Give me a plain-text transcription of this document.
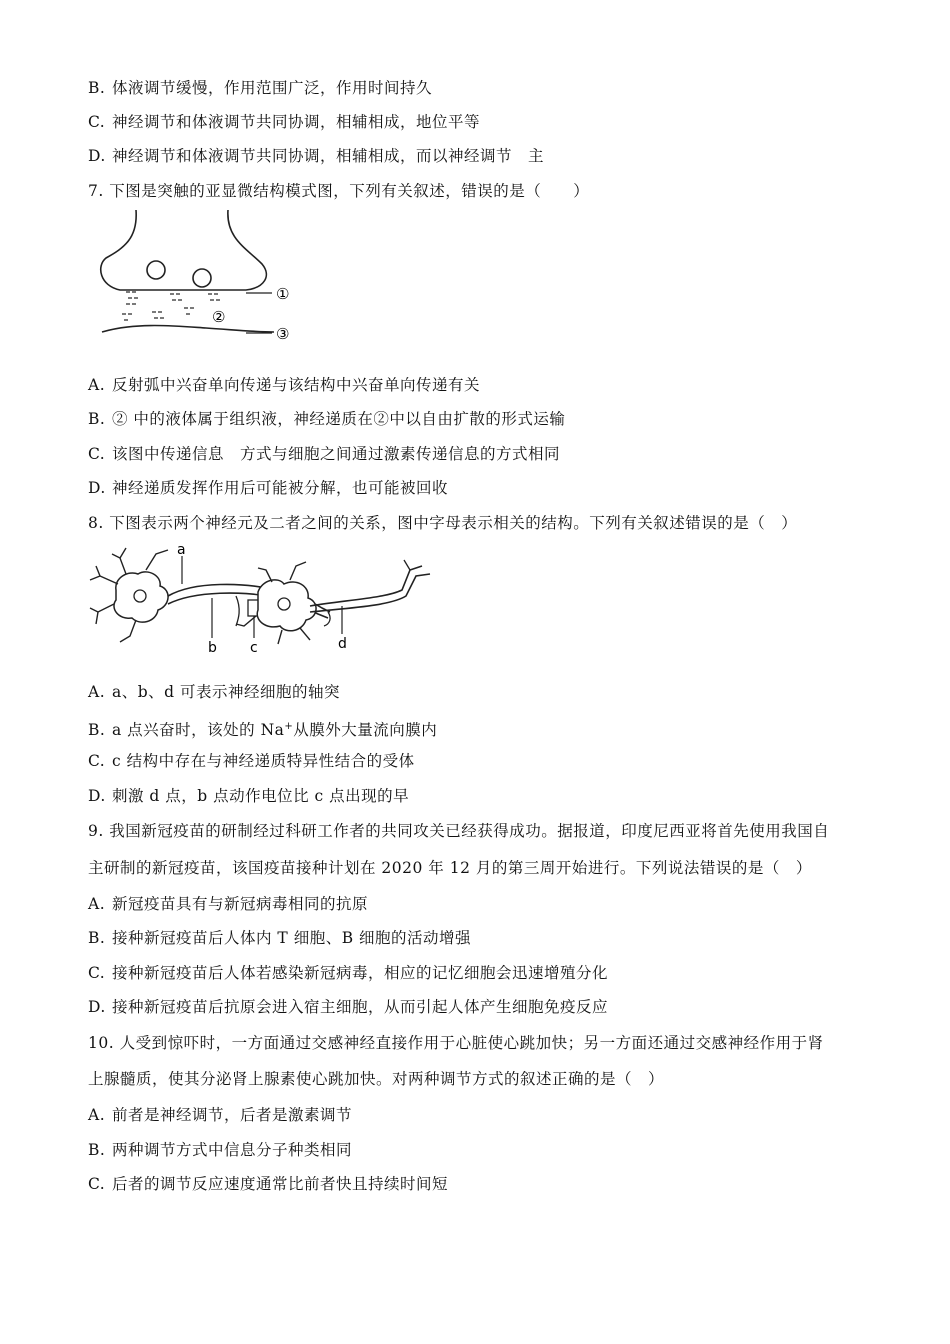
B. 体液调节缓慢，作用范围广泛，作用时间持久
C. 神经调节和体液调节共同协调，相辅相成，地位平等
D. 神经调节和体液调节共同协调，相辅相成，而以神经调节　主
7. 下图是突触的亚显微结构模式图，下列有关叙述，错误的是（　　）
①
②
③
A. 反射弧中兴奋单向传递与该结构中兴奋单向传递有关
B. ② 中的液体属于组织液，神经递质在②中以自由扩散的形式运输
C. 该图中传递信息　方式与细胞之间通过激素传递信息的方式相同
D. 神经递质发挥作用后可能被分解，也可能被回收
8. 下图表示两个神经元及二者之间的关系，图中字母表示相关的结构。下列有关叙述错误的是（　）
a
b c	d
A. a、b、d 可表示神经细胞的轴突
B. a 点兴奋时，该处的 Na+从膜外大量流向膜内
C. c 结构中存在与神经递质特异性结合的受体
D. 刺激 d 点，b 点动作电位比 c 点出现的早
9. 我国新冠疫苗的研制经过科研工作者的共同攻关已经获得成功。据报道，印度尼西亚将首先使用我国自
主研制的新冠疫苗，该国疫苗接种计划在 2020 年 12 月的第三周开始进行。下列说法错误的是（　）
A. 新冠疫苗具有与新冠病毒相同的抗原
B. 接种新冠疫苗后人体内 T 细胞、B 细胞的活动增强
C. 接种新冠疫苗后人体若感染新冠病毒，相应的记忆细胞会迅速增殖分化
D. 接种新冠疫苗后抗原会进入宿主细胞，从而引起人体产生细胞免疫反应
10. 人受到惊吓时，一方面通过交感神经直接作用于心脏使心跳加快；另一方面还通过交感神经作用于肾
上腺髓质，使其分泌肾上腺素使心跳加快。对两种调节方式的叙述正确的是（　）
A. 前者是神经调节，后者是激素调节
B. 两种调节方式中信息分子种类相同
C. 后者的调节反应速度通常比前者快且持续时间短
